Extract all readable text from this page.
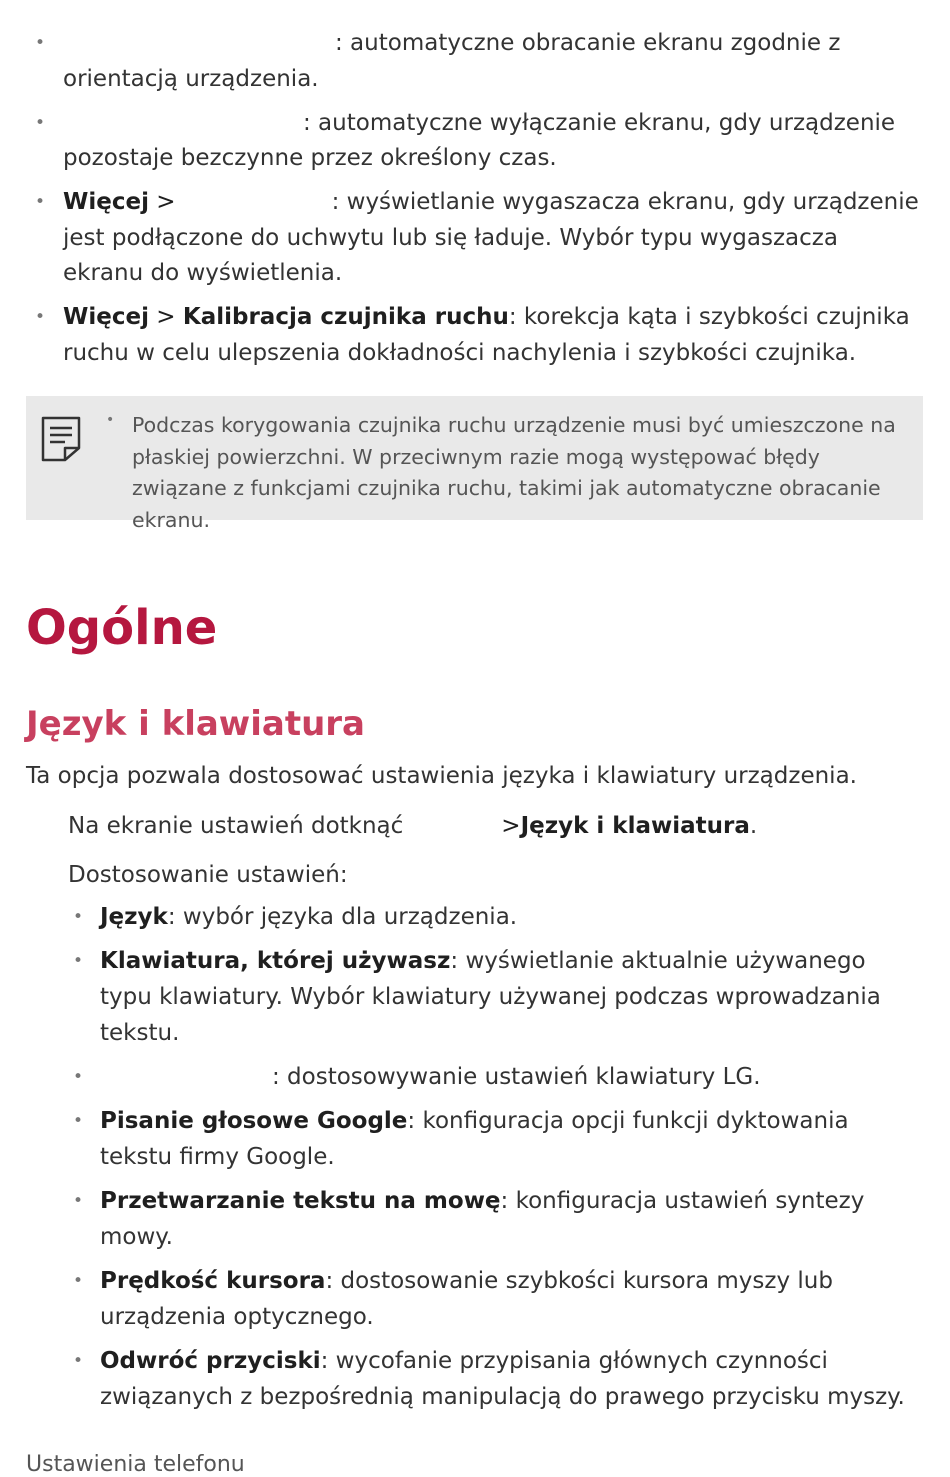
•	: automatyczne obracanie ekranu zgodnie z orientacją urządzenia.
•	: automatyczne wyłączanie ekranu, gdy urządzenie pozostaje bezczynne przez określony czas.
• Więcej >	: wyświetlanie wygaszacza ekranu, gdy urządzenie jest podłączone do uchwytu lub się ładuje. Wybór typu wygaszacza ekranu do wyświetlenia.
• Więcej > Kalibracja czujnika ruchu: korekcja kąta i szybkości czujnika ruchu w celu ulepszenia dokładności nachylenia i szybkości czujnika.
• Podczas korygowania czujnika ruchu urządzenie musi być umieszczone na płaskiej powierzchni. W przeciwnym razie mogą występować błędy związane z funkcjami czujnika ruchu, takimi jak automatyczne obracanie ekranu.
Ogólne
Język i klawiatura
Ta opcja pozwala dostosować ustawienia języka i klawiatury urządzenia.
Na ekranie ustawień dotknąć	>Język i klawiatura.
Dostosowanie ustawień:
• Język: wybór języka dla urządzenia.
• Klawiatura, której używasz: wyświetlanie aktualnie używanego typu klawiatury. Wybór klawiatury używanej podczas wprowadzania tekstu.
•	: dostosowywanie ustawień klawiatury LG.
• Pisanie głosowe Google: konfiguracja opcji funkcji dyktowania tekstu firmy Google.
• Przetwarzanie tekstu na mowę: konfiguracja ustawień syntezy mowy.
• Prędkość kursora: dostosowanie szybkości kursora myszy lub urządzenia optycznego.
• Odwróć przyciski: wycofanie przypisania głównych czynności związanych z bezpośrednią manipulacją do prawego przycisku myszy.
Ustawienia telefonu
